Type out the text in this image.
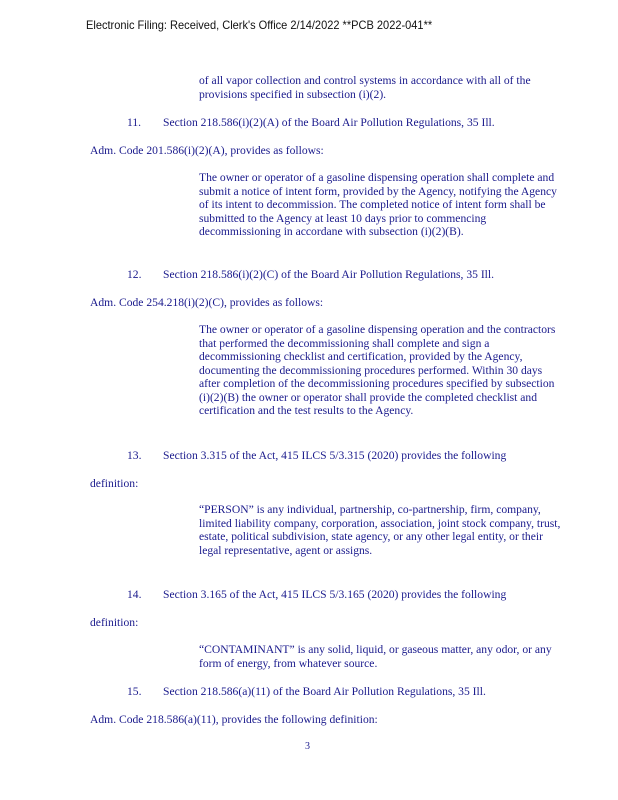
Electronic Filing: Received, Clerk's Office 2/14/2022 **PCB 2022-041**
of all vapor collection and control systems in accordance with all of the provisions specified in subsection (i)(2).
11. Section 218.586(i)(2)(A) of the Board Air Pollution Regulations, 35 Ill.
Adm. Code 201.586(i)(2)(A), provides as follows:
The owner or operator of a gasoline dispensing operation shall complete and submit a notice of intent form, provided by the Agency, notifying the Agency of its intent to decommission. The completed notice of intent form shall be submitted to the Agency at least 10 days prior to commencing decommissioning in accordane with subsection (i)(2)(B).
12. Section 218.586(i)(2)(C) of the Board Air Pollution Regulations, 35 Ill.
Adm. Code 254.218(i)(2)(C), provides as follows:
The owner or operator of a gasoline dispensing operation and the contractors that performed the decommissioning shall complete and sign a decommissioning checklist and certification, provided by the Agency, documenting the decommissioning procedures performed. Within 30 days after completion of the decommissioning procedures specified by subsection (i)(2)(B) the owner or operator shall provide the completed checklist and certification and the test results to the Agency.
13. Section 3.315 of the Act, 415 ILCS 5/3.315 (2020) provides the following
definition:
“PERSON” is any individual, partnership, co-partnership, firm, company, limited liability company, corporation, association, joint stock company, trust, estate, political subdivision, state agency, or any other legal entity, or their legal representative, agent or assigns.
14. Section 3.165 of the Act, 415 ILCS 5/3.165 (2020) provides the following
definition:
“CONTAMINANT” is any solid, liquid, or gaseous matter, any odor, or any form of energy, from whatever source.
15. Section 218.586(a)(11) of the Board Air Pollution Regulations, 35 Ill.
Adm. Code 218.586(a)(11), provides the following definition:
3
